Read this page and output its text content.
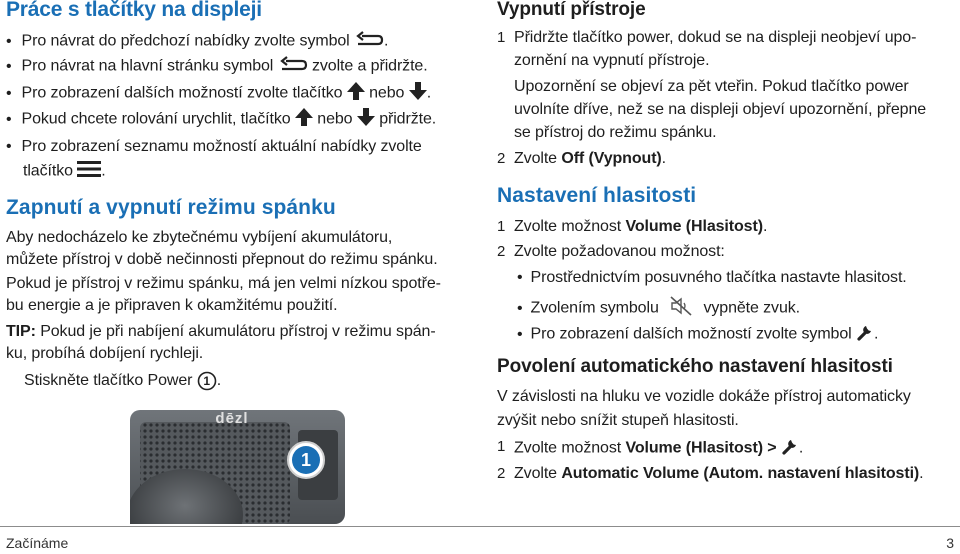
Práce s tlačítky na displeji
• Pro návrat do předchozí nabídky zvolte symbol .
• Pro návrat na hlavní stránku symbol zvolte a přidržte.
• Pro zobrazení dalších možností zvolte tlačítko nebo .
• Pokud chcete rolování urychlit, tlačítko nebo přidržte.
• Pro zobrazení seznamu možností aktuální nabídky zvolte
tlačítko .
Zapnutí a vypnutí režimu spánku
Aby nedocházelo ke zbytečnému vybíjení akumulátoru,
můžete přístroj v době nečinnosti přepnout do režimu spánku.
Pokud je přístroj v režimu spánku, má jen velmi nízkou spotře-
bu energie a je připraven k okamžitému použití.
TIP: Pokud je při nabíjení akumulátoru přístroj v režimu spán-
ku, probíhá dobíjení rychleji.
Stiskněte tlačítko Power 1 .
dēzl
1
Vypnutí přístroje
1 Přidržte tlačítko power, dokud se na displeji neobjeví upo-
zornění na vypnutí přístroje.
Upozornění se objeví za pět vteřin. Pokud tlačítko power
uvolníte dříve, než se na displeji objeví upozornění, přepne
se přístroj do režimu spánku.
2 Zvolte Off (Vypnout).
Nastavení hlasitosti
1 Zvolte možnost Volume (Hlasitost).
2 Zvolte požadovanou možnost:
• Prostřednictvím posuvného tlačítka nastavte hlasitost.
• Zvolením symbolu	vypněte zvuk.
• Pro zobrazení dalších možností zvolte symbol .
Povolení automatického nastavení hlasitosti
V závislosti na hluku ve vozidle dokáže přístroj automaticky
zvýšit nebo snížit stupeň hlasitosti.
1 Zvolte možnost Volume (Hlasitost) > .
2 Zvolte Automatic Volume (Autom. nastavení hlasitosti).
Začínáme	3
